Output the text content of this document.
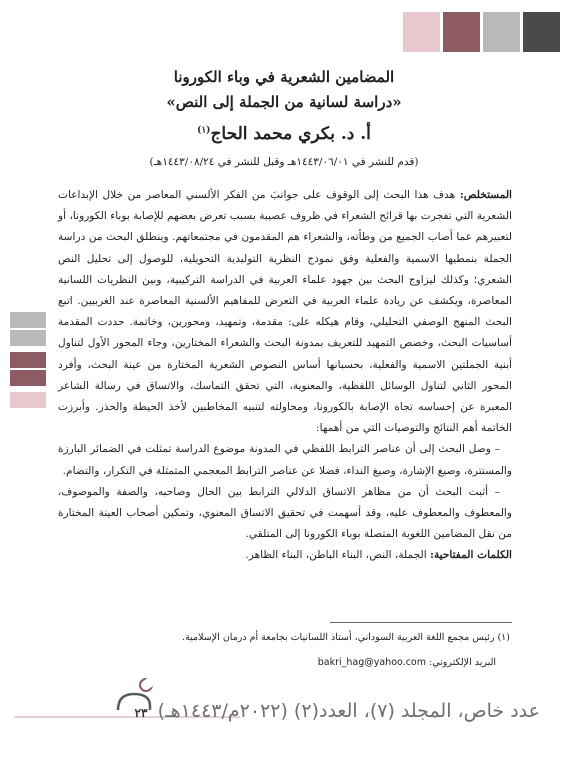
المضامين الشعرية في وباء الكورونا
«دراسة لسانية من الجملة إلى النص»
أ. د. بكري محمد الحاج$^{(١)}$
(قدم للنشر في ١٤٤٣/٠٦/٠١هـ وقبل للنشر في ١٤٤٣/٠٨/٢٤هـ)

المستخلص: هدف هذا البحث إلى الوقوف على جوانبَ من الفكر الألسني المعاصر من خلال الإبداعات الشعرية التي تفجرت بها قرائح الشعراء في ظروف عصيبة بسبب تعرض بعضهم للإصابة بوباء الكورونا، أو لتعبيرهم عما أصاب الجميع من وطأته، والشعراء هم المقدمون في مجتمعاتهم. وينطلق البحث من دراسة الجملة بنمطيها الاسمية والفعلية وفق نموذج النظرية التوليدية التحويلية، للوصول إلى تحليل النص الشعري؛ وكذلك ليزاوج البحث بين جهود علماء العربية في الدراسة التركيبية، وبين النظريات اللسانية المعاصرة، ويكشف عن ريادة علماء العربية في التعرض للمفاهيم الألسنية المعاصرة عند الغربيين. اتبع البحث المنهج الوصفي التحليلي، وقام هيكله على: مقدمة، وتمهيد، ومحورين، وخاتمة. حددت المقدمة أساسيات البحث، وخصص التمهيد للتعريف بمدونة البحث والشعراء المختارين، وجاء المحور الأول لتناول أبنية الجملتين الاسمية والفعلية، بحسبانها أساس النصوص الشعرية المختارة من عينة البحث، وأفرد المحور الثاني لتناول الوسائل اللفظية، والمعنوية، التي تحقق التماسك، والاتساق في رسالة الشاعر المعبرة عن إحساسه تجاه الإصابة بالكورونا، ومحاولته لتنبيه المخاطبين لأخذ الحيطة والحذر. وأبرزت الخاتمة أهم النتائج والتوصيات التي من أهمها:

– وصل البحث إلى أن عناصر الترابط اللفظي في المدونة موضوع الدراسة تمثلت في الضمائر البارزة والمستترة، وصيغ الإشارة، وصيغ النداء، فضلا عن عناصر الترابط المعجمي المتمثلة في التكرار، والتضام.

– أثبت البحث أن من مظاهر الاتساق الدلالي الترابط بين الحال وصاحبه، والصفة والموصوف، والمعطوف والمعطوف عليه، وقد أسهمت في تحقيق الاتساق المعنوي، وتمكين أصحاب العينة المختارة من نقل المضامين اللغوية المتصلة بوباء الكورونا إلى المتلقي.

الكلمات المفتاحية: الجملة، النص، البناء الباطن، البناء الظاهر.

(١) رئيس مجمع اللغة العربية السوداني، أستاذ اللسانيات بجامعة أم درمان الإسلامية.
البريد الإلكتروني: bakri_hag@yahoo.com
٢٣ عدد خاص، المجلد (٧)، العدد(٢) (٢٠٢٢م/١٤٤٣هـ)
